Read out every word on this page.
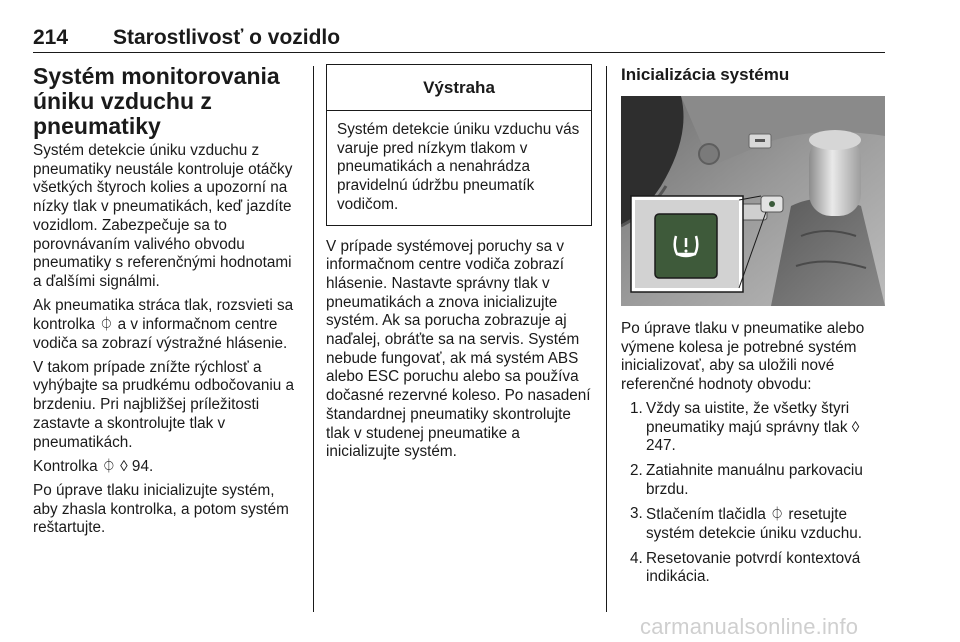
214 Starostlivosť o vozidlo
Systém monitorovania
úniku vzduchu z
pneumatiky

Systém detekcie úniku vzduchu z pneumatiky neustále kontroluje otáčky všetkých štyroch kolies a upozorní na nízky tlak v pneumatikách, keď jazdíte vozidlom. Zabezpečuje sa to porovnávaním valivého obvodu pneumatiky s referenčnými hodnotami a ďalšími signálmi.

Ak pneumatika stráca tlak, rozsvieti sa kontrolka ⏀ a v informačnom centre vodiča sa zobrazí výstražné hlásenie.

V takom prípade znížte rýchlosť a vyhýbajte sa prudkému odbočovaniu a brzdeniu. Pri najbližšej príležitosti zastavte a skontrolujte tlak v pneumatikách.

Kontrolka ⏀ ◊ 94.

Po úprave tlaku inicializujte systém, aby zhasla kontrolka, a potom systém reštartujte.

Výstraha

Systém detekcie úniku vzduchu vás varuje pred nízkym tlakom v pneumatikách a nenahrádza pravidelnú údržbu pneumatík vodičom.

V prípade systémovej poruchy sa v informačnom centre vodiča zobrazí hlásenie. Nastavte správny tlak v pneumatikách a znova inicializujte systém. Ak sa porucha zobrazuje aj naďalej, obráťte sa na servis. Systém nebude fungovať, ak má systém ABS alebo ESC poruchu alebo sa používa dočasné rezervné koleso. Po nasadení štandardnej pneumatiky skontrolujte tlak v studenej pneumatike a inicializujte systém.

Inicializácia systému

Po úprave tlaku v pneumatike alebo výmene kolesa je potrebné systém inicializovať, aby sa uložili nové referenčné hodnoty obvodu:

1. Vždy sa uistite, že všetky štyri pneumatiky majú správny tlak ◊ 247.
2. Zatiahnite manuálnu parkovaciu brzdu.
3. Stlačením tlačidla ⏀ resetujte systém detekcie úniku vzduchu.
4. Resetovanie potvrdí kontextová indikácia.
carmanualsonline.info
